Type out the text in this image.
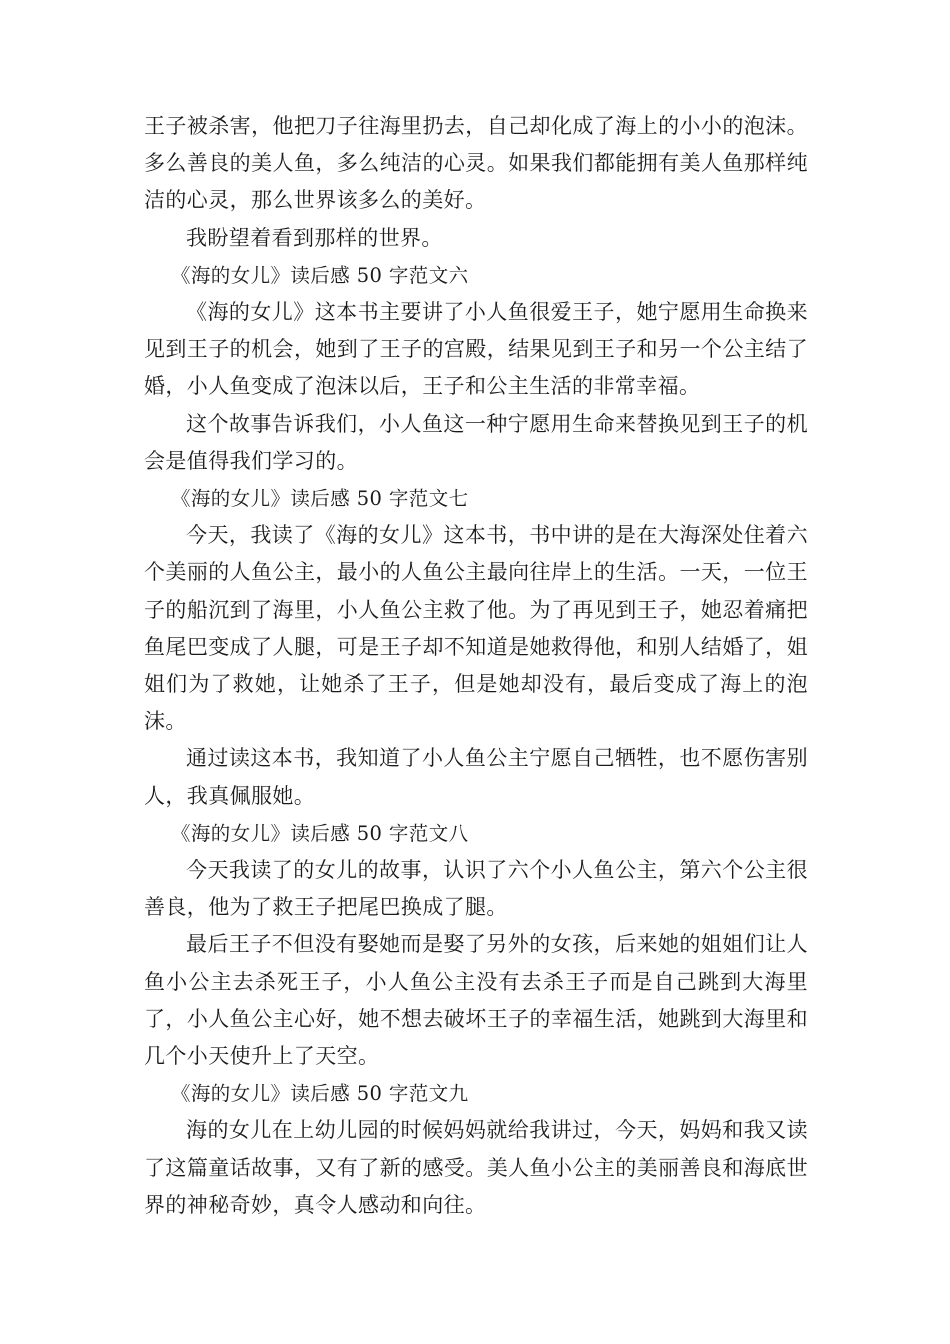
王子被杀害，他把刀子往海里扔去，自己却化成了海上的小小的泡沫。多么善良的美人鱼，多么纯洁的心灵。如果我们都能拥有美人鱼那样纯洁的心灵，那么世界该多么的美好。

我盼望着看到那样的世界。

《海的女儿》读后感 50 字范文六

《海的女儿》这本书主要讲了小人鱼很爱王子，她宁愿用生命换来见到王子的机会，她到了王子的宫殿，结果见到王子和另一个公主结了婚，小人鱼变成了泡沫以后，王子和公主生活的非常幸福。

这个故事告诉我们，小人鱼这一种宁愿用生命来替换见到王子的机会是值得我们学习的。

《海的女儿》读后感 50 字范文七

今天，我读了《海的女儿》这本书，书中讲的是在大海深处住着六个美丽的人鱼公主，最小的人鱼公主最向往岸上的生活。一天，一位王子的船沉到了海里，小人鱼公主救了他。为了再见到王子，她忍着痛把鱼尾巴变成了人腿，可是王子却不知道是她救得他，和别人结婚了，姐姐们为了救她，让她杀了王子，但是她却没有，最后变成了海上的泡沫。

通过读这本书，我知道了小人鱼公主宁愿自己牺牲，也不愿伤害别人，我真佩服她。

《海的女儿》读后感 50 字范文八

今天我读了的女儿的故事，认识了六个小人鱼公主，第六个公主很善良，他为了救王子把尾巴换成了腿。

最后王子不但没有娶她而是娶了另外的女孩，后来她的姐姐们让人鱼小公主去杀死王子，小人鱼公主没有去杀王子而是自己跳到大海里了，小人鱼公主心好，她不想去破坏王子的幸福生活，她跳到大海里和几个小天使升上了天空。

《海的女儿》读后感 50 字范文九

海的女儿在上幼儿园的时候妈妈就给我讲过，今天，妈妈和我又读了这篇童话故事，又有了新的感受。美人鱼小公主的美丽善良和海底世界的神秘奇妙，真令人感动和向往。
